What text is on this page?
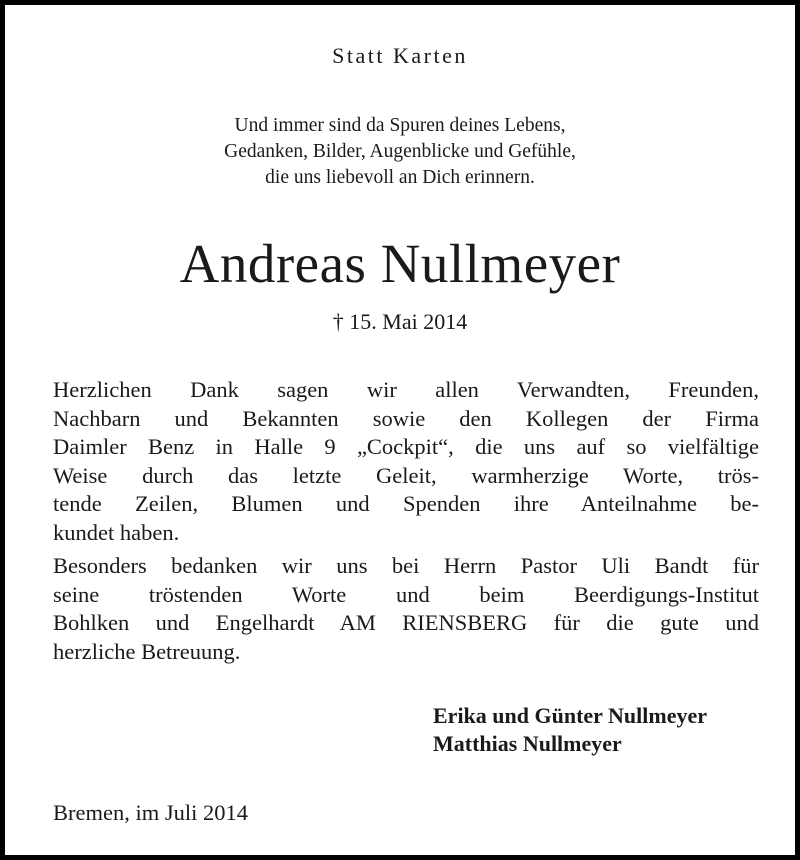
Statt Karten
Und immer sind da Spuren deines Lebens,
Gedanken, Bilder, Augenblicke und Gefühle,
die uns liebevoll an Dich erinnern.
Andreas Nullmeyer
† 15. Mai 2014
Herzlichen Dank sagen wir allen Verwandten, Freunden,
Nachbarn und Bekannten sowie den Kollegen der Firma
Daimler Benz in Halle 9 „Cockpit“, die uns auf so vielfältige
Weise durch das letzte Geleit, warmherzige Worte, trös-
tende Zeilen, Blumen und Spenden ihre Anteilnahme be-
kundet haben.
Besonders bedanken wir uns bei Herrn Pastor Uli Bandt für
seine tröstenden Worte und beim Beerdigungs-Institut
Bohlken und Engelhardt AM RIENSBERG für die gute und
herzliche Betreuung.
Erika und Günter Nullmeyer
Matthias Nullmeyer
Bremen, im Juli 2014
